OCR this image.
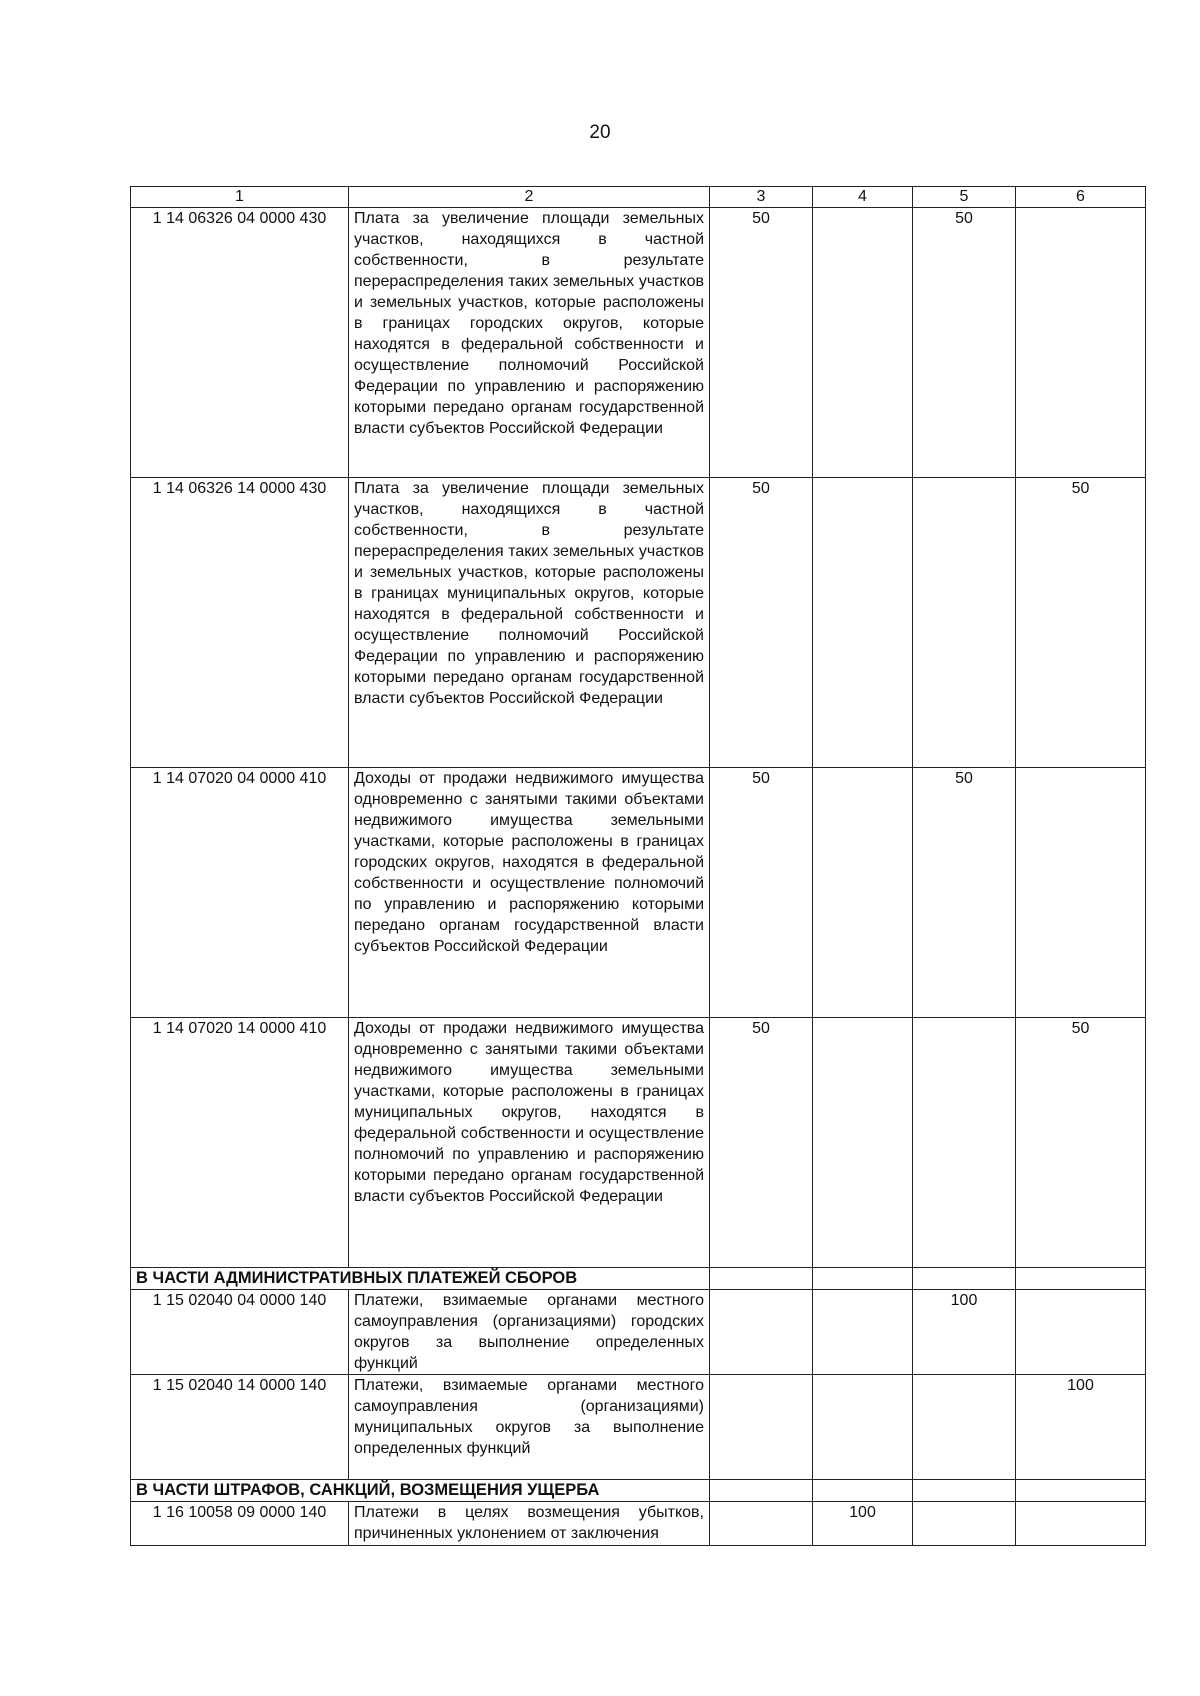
20
1	2	3	4	5	6
1 14 06326 04 0000 430	Плата за увеличение площади земельных участков, находящихся в частной собственности, в результате перераспределения таких земельных участков и земельных участков, которые расположены в границах городских округов, которые находятся в федеральной собственности и осуществление полномочий Российской Федерации по управлению и распоряжению которыми передано органам государственной власти субъектов Российской Федерации	50		50	
1 14 06326 14 0000 430	Плата за увеличение площади земельных участков, находящихся в частной собственности, в результате перераспределения таких земельных участков и земельных участков, которые расположены в границах муниципальных округов, которые находятся в федеральной собственности и осуществление полномочий Российской Федерации по управлению и распоряжению которыми передано органам государственной власти субъектов Российской Федерации	50			50
1 14 07020 04 0000 410	Доходы от продажи недвижимого имущества одновременно с занятыми такими объектами недвижимого имущества земельными участками, которые расположены в границах городских округов, находятся в федеральной собственности и осуществление полномочий по управлению и распоряжению которыми передано органам государственной власти субъектов Российской Федерации	50		50	
1 14 07020 14 0000 410	Доходы от продажи недвижимого имущества одновременно с занятыми такими объектами недвижимого имущества земельными участками, которые расположены в границах муниципальных округов, находятся в федеральной собственности и осуществление полномочий по управлению и распоряжению которыми передано органам государственной власти субъектов Российской Федерации	50			50
В ЧАСТИ АДМИНИСТРАТИВНЫХ ПЛАТЕЖЕЙ СБОРОВ					
1 15 02040 04 0000 140	Платежи, взимаемые органами местного самоуправления (организациями) городских округов за выполнение определенных функций			100	
1 15 02040 14 0000 140	Платежи, взимаемые органами местного самоуправления (организациями) муниципальных округов за выполнение определенных функций				100
В ЧАСТИ ШТРАФОВ, САНКЦИЙ, ВОЗМЕЩЕНИЯ УЩЕРБА					
1 16 10058 09 0000 140	Платежи в целях возмещения убытков, причиненных уклонением от заключения		100		
